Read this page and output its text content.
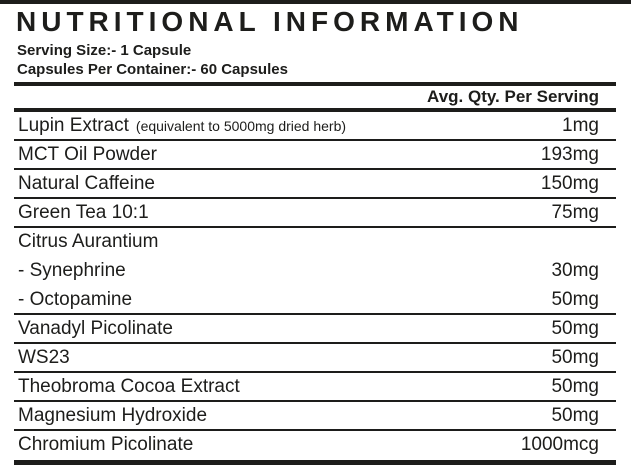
NUTRITIONAL INFORMATION
Serving Size:- 1 Capsule
Capsules Per Container:- 60 Capsules
Avg. Qty. Per Serving
Lupin Extract (equivalent to 5000mg dried herb)	1mg
MCT Oil Powder	193mg
Natural Caffeine	150mg
Green Tea 10:1	75mg
Citrus Aurantium
- Synephrine	30mg
- Octopamine	50mg
Vanadyl Picolinate	50mg
WS23	50mg
Theobroma Cocoa Extract	50mg
Magnesium Hydroxide	50mg
Chromium Picolinate	1000mcg
